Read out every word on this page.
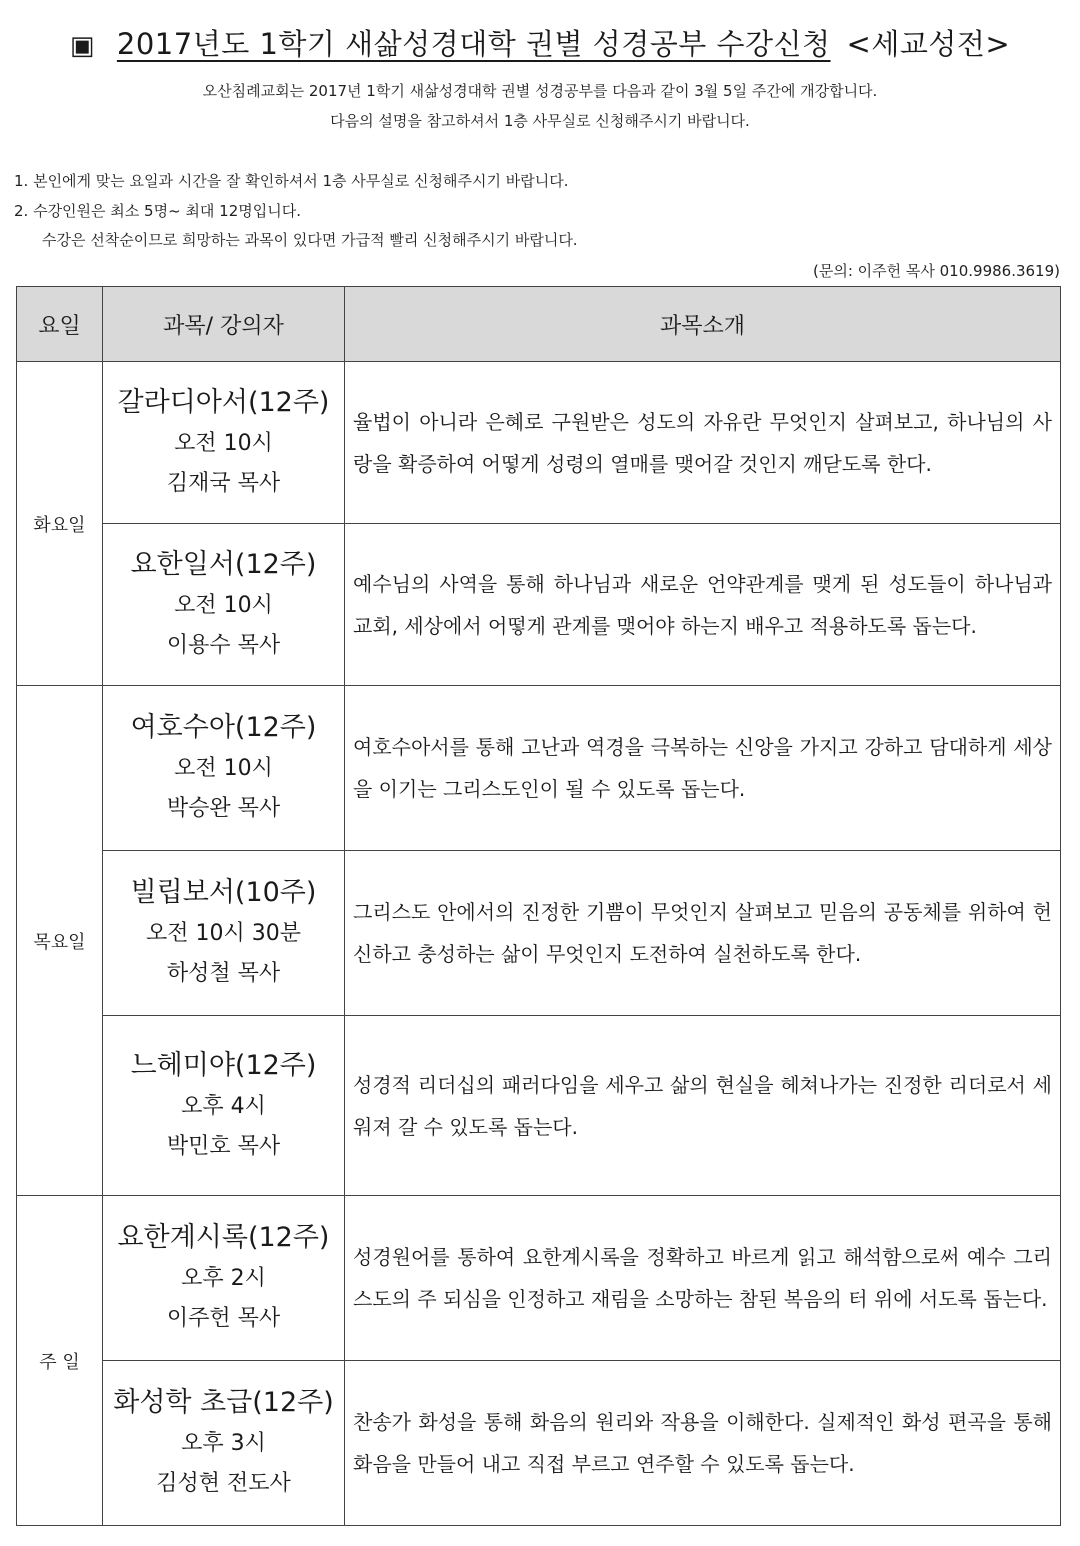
▣ 2017년도 1학기 새삶성경대학 권별 성경공부 수강신청 <세교성전>
오산침례교회는 2017년 1학기 새삶성경대학 권별 성경공부를 다음과 같이 3월 5일 주간에 개강합니다.
다음의 설명을 참고하셔서 1층 사무실로 신청해주시기 바랍니다.
1. 본인에게 맞는 요일과 시간을 잘 확인하셔서 1층 사무실로 신청해주시기 바랍니다.
2. 수강인원은 최소 5명~ 최대 12명입니다.
수강은 선착순이므로 희망하는 과목이 있다면 가급적 빨리 신청해주시기 바랍니다.
(문의: 이주헌 목사 010.9986.3619)
요일	과목/ 강의자	과목소개
화요일	갈라디아서(12주)
오전 10시
김재국 목사	율법이 아니라 은혜로 구원받은 성도의 자유란 무엇인지 살펴보고, 하나님의 사랑을 확증하여 어떻게 성령의 열매를 맺어갈 것인지 깨닫도록 한다.

	요한일서(12주)
오전 10시
이용수 목사	예수님의 사역을 통해 하나님과 새로운 언약관계를 맺게 된 성도들이 하나님과 교회, 세상에서 어떻게 관계를 맺어야 하는지 배우고 적용하도록 돕는다.

목요일	여호수아(12주)
오전 10시
박승완 목사	여호수아서를 통해 고난과 역경을 극복하는 신앙을 가지고 강하고 담대하게 세상을 이기는 그리스도인이 될 수 있도록 돕는다.

	빌립보서(10주)
오전 10시 30분
하성철 목사	그리스도 안에서의 진정한 기쁨이 무엇인지 살펴보고 믿음의 공동체를 위하여 헌신하고 충성하는 삶이 무엇인지 도전하여 실천하도록 한다.

	느헤미야(12주)
오후 4시
박민호 목사	성경적 리더십의 패러다임을 세우고 삶의 현실을 헤쳐나가는 진정한 리더로서 세워져 갈 수 있도록 돕는다.

주 일	요한계시록(12주)
오후 2시
이주헌 목사	성경원어를 통하여 요한계시록을 정확하고 바르게 읽고 해석함으로써 예수 그리스도의 주 되심을 인정하고 재림을 소망하는 참된 복음의 터 위에 서도록 돕는다.

	화성학 초급(12주)
오후 3시
김성현 전도사	찬송가 화성을 통해 화음의 원리와 작용을 이해한다. 실제적인 화성 편곡을 통해 화음을 만들어 내고 직접 부르고 연주할 수 있도록 돕는다.
